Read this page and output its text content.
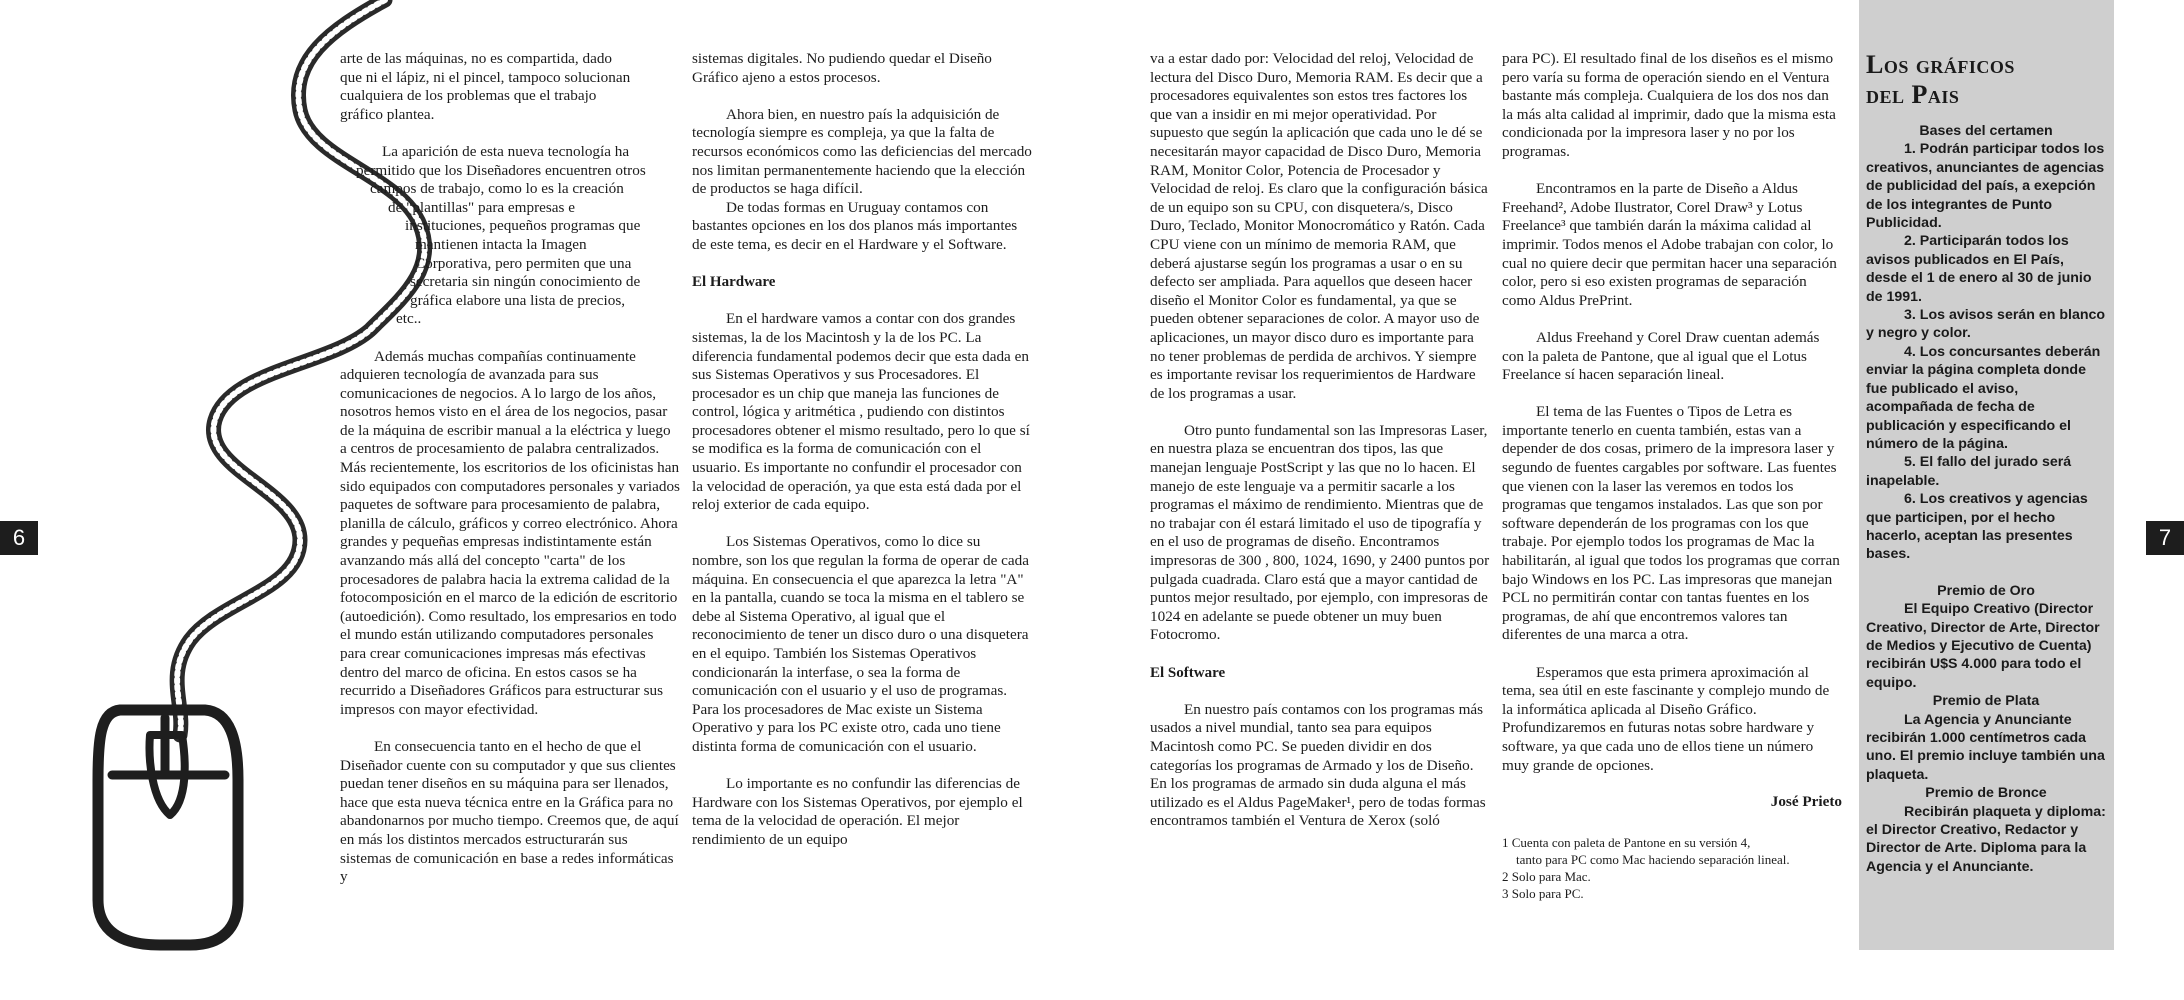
6	7

arte de las máquinas, no es compartida, dado
que ni el lápiz, ni el pincel, tampoco solucionan
cualquiera de los problemas que el trabajo
gráfico plantea.

La aparición de esta nueva tecnología ha
permitido que los Diseñadores encuentren otros
campos de trabajo, como lo es la creación
de "plantillas" para empresas e
instituciones, pequeños programas que
mantienen intacta la Imagen
Corporativa, pero permiten que una
secretaria sin ningún conocimiento de
gráfica elabore una lista de precios,
etc..

Además muchas compañías continuamente adquieren tecnología de avanzada para sus comunicaciones de negocios. A lo largo de los años, nosotros hemos visto en el área de los negocios, pasar de la máquina de escribir manual a la eléctrica y luego a centros de procesamiento de palabra centralizados. Más recientemente, los escritorios de los oficinistas han sido equipados con computadores personales y variados paquetes de software para procesamiento de palabra, planilla de cálculo, gráficos y correo electrónico. Ahora grandes y pequeñas empresas indistintamente están avanzando más allá del concepto "carta" de los procesadores de palabra hacia la extrema calidad de la fotocomposición en el marco de la edición de escritorio (autoedición). Como resultado, los empresarios en todo el mundo están utilizando computadores personales para crear comunicaciones impresas más efectivas dentro del marco de oficina. En estos casos se ha recurrido a Diseñadores Gráficos para estructurar sus impresos con mayor efectividad.

En consecuencia tanto en el hecho de que el Diseñador cuente con su computador y que sus clientes puedan tener diseños en su máquina para ser llenados, hace que esta nueva técnica entre en la Gráfica para no abandonarnos por mucho tiempo. Creemos que, de aquí en más los distintos mercados estructurarán sus sistemas de comunicación en base a redes informáticas y

sistemas digitales. No pudiendo quedar el Diseño Gráfico ajeno a estos procesos.

Ahora bien, en nuestro país la adquisición de tecnología siempre es compleja, ya que la falta de recursos económicos como las deficiencias del mercado nos limitan permanentemente haciendo que la elección de productos se haga difícil.

De todas formas en Uruguay contamos con bastantes opciones en los dos planos más importantes de este tema, es decir en el Hardware y el Software.

El Hardware

En el hardware vamos a contar con dos grandes sistemas, la de los Macintosh y la de los PC. La diferencia fundamental podemos decir que esta dada en sus Sistemas Operativos y sus Procesadores. El procesador es un chip que maneja las funciones de control, lógica y aritmética , pudiendo con distintos procesadores obtener el mismo resultado, pero lo que sí se modifica es la forma de comunicación con el usuario. Es importante no confundir el procesador con la velocidad de operación, ya que esta está dada por el reloj exterior de cada equipo.

Los Sistemas Operativos, como lo dice su nombre, son los que regulan la forma de operar de cada máquina. En consecuencia el que aparezca la letra "A" en la pantalla, cuando se toca la misma en el tablero se debe al Sistema Operativo, al igual que el reconocimiento de tener un disco duro o una disquetera en el equipo. También los Sistemas Operativos condicionarán la interfase, o sea la forma de comunicación con el usuario y el uso de programas. Para los procesadores de Mac existe un Sistema Operativo y para los PC existe otro, cada uno tiene distinta forma de comunicación con el usuario.

Lo importante es no confundir las diferencias de Hardware con los Sistemas Operativos, por ejemplo el tema de la velocidad de operación. El mejor rendimiento de un equipo

va a estar dado por: Velocidad del reloj, Velocidad de lectura del Disco Duro, Memoria RAM. Es decir que a procesadores equivalentes son estos tres factores los que van a insidir en mi mejor operatividad. Por supuesto que según la aplicación que cada uno le dé se necesitarán mayor capacidad de Disco Duro, Memoria RAM, Monitor Color, Potencia de Procesador y Velocidad de reloj. Es claro que la configuración básica de un equipo son su CPU, con disquetera/s, Disco Duro, Teclado, Monitor Monocromático y Ratón. Cada CPU viene con un mínimo de memoria RAM, que deberá ajustarse según los programas a usar o en su defecto ser ampliada. Para aquellos que deseen hacer diseño el Monitor Color es fundamental, ya que se pueden obtener separaciones de color. A mayor uso de aplicaciones, un mayor disco duro es importante para no tener problemas de perdida de archivos. Y siempre es importante revisar los requerimientos de Hardware de los programas a usar.

Otro punto fundamental son las Impresoras Laser, en nuestra plaza se encuentran dos tipos, las que manejan lenguaje PostScript y las que no lo hacen. El manejo de este lenguaje va a permitir sacarle a los programas el máximo de rendimiento. Mientras que de no trabajar con él estará limitado el uso de tipografía y en el uso de programas de diseño. Encontramos impresoras de 300 , 800, 1024, 1690, y 2400 puntos por pulgada cuadrada. Claro está que a mayor cantidad de puntos mejor resultado, por ejemplo, con impresoras de 1024 en adelante se puede obtener un muy buen Fotocromo.

El Software

En nuestro país contamos con los programas más usados a nivel mundial, tanto sea para equipos Macintosh como PC. Se pueden dividir en dos categorías los programas de Armado y los de Diseño. En los programas de armado sin duda alguna el más utilizado es el Aldus PageMaker¹, pero de todas formas encontramos también el Ventura de Xerox (soló

para PC). El resultado final de los diseños es el mismo pero varía su forma de operación siendo en el Ventura bastante más compleja. Cualquiera de los dos nos dan la más alta calidad al imprimir, dado que la misma esta condicionada por la impresora laser y no por los programas.

Encontramos en la parte de Diseño a Aldus Freehand², Adobe Ilustrator, Corel Draw³ y Lotus Freelance³ que también darán la máxima calidad al imprimir. Todos menos el Adobe trabajan con color, lo cual no quiere decir que permitan hacer una separación color, pero si eso existen programas de separación como Aldus PrePrint.

Aldus Freehand y Corel Draw cuentan además con la paleta de Pantone, que al igual que el Lotus Freelance sí hacen separación lineal.

El tema de las Fuentes o Tipos de Letra es importante tenerlo en cuenta también, estas van a depender de dos cosas, primero de la impresora laser y segundo de fuentes cargables por software. Las fuentes que vienen con la laser las veremos en todos los programas que tengamos instalados. Las que son por software dependerán de los programas con los que trabaje. Por ejemplo todos los programas de Mac la habilitarán, al igual que todos los programas que corran bajo Windows en los PC. Las impresoras que manejan PCL no permitirán contar con tantas fuentes en los programas, de ahí que encontremos valores tan diferentes de una marca a otra.

Esperamos que esta primera aproximación al tema, sea útil en este fascinante y complejo mundo de la informática aplicada al Diseño Gráfico. Profundizaremos en futuras notas sobre hardware y software, ya que cada uno de ellos tiene un número muy grande de opciones.

José Prieto

1 Cuenta con paleta de Pantone en su versión 4,

tanto para PC como Mac haciendo separación lineal.

2 Solo para Mac.

3 Solo para PC.

Los gráficos
del Pais

Bases del certamen

1. Podrán participar todos los creativos, anunciantes de agencias de publicidad del país, a exepción de los integrantes de Punto Publicidad.

2. Participarán todos los avisos publicados en El País, desde el 1 de enero al 30 de junio de 1991.

3. Los avisos serán en blanco y negro y color.

4. Los concursantes deberán enviar la página completa donde fue publicado el aviso, acompañada de fecha de publicación y especificando el número de la página.

5. El fallo del jurado será inapelable.

6. Los creativos y agencias que participen, por el hecho hacerlo, aceptan las presentes bases.

Premio de Oro

El Equipo Creativo (Director Creativo, Director de Arte, Director de Medios y Ejecutivo de Cuenta) recibirán U$S 4.000 para todo el equipo.

Premio de Plata

La Agencia y Anunciante recibirán 1.000 centímetros cada uno. El premio incluye también una plaqueta.

Premio de Bronce

Recibirán plaqueta y diploma: el Director Creativo, Redactor y Director de Arte. Diploma para la Agencia y el Anunciante.
